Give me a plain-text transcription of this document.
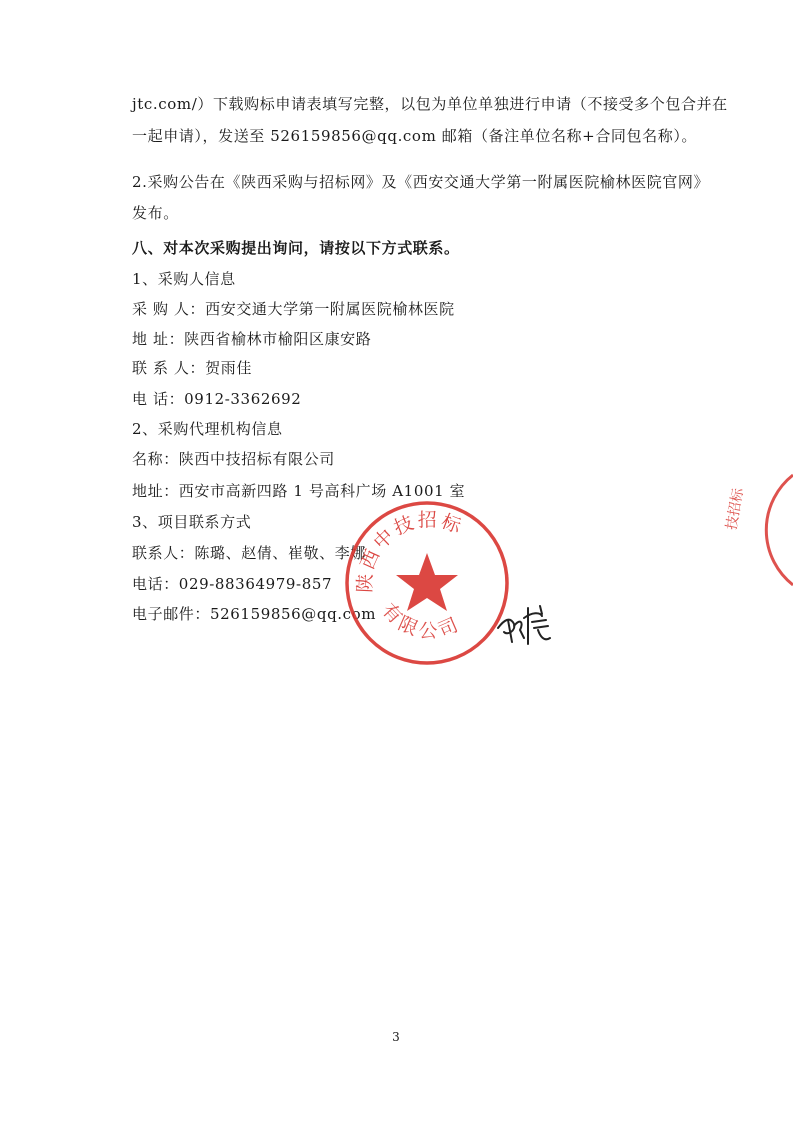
jtc.com/）下载购标申请表填写完整，以包为单位单独进行申请（不接受多个包合并在
一起申请），发送至 526159856@qq.com 邮箱（备注单位名称+合同包名称）。
2.采购公告在《陕西采购与招标网》及《西安交通大学第一附属医院榆林医院官网》
发布。
八、对本次采购提出询问，请按以下方式联系。
1、采购人信息
采 购 人：西安交通大学第一附属医院榆林医院
地 址：陕西省榆林市榆阳区康安路
联 系 人：贺雨佳
电 话：0912-3362692
2、采购代理机构信息
名称：陕西中技招标有限公司
地址：西安市高新四路 1 号高科广场 A1001 室
3、项目联系方式
联系人：陈璐、赵倩、崔敬、李娜
电话：029-88364979-857
电子邮件：526159856@qq.com
陕西中技招标
有限公司
技招标
3
